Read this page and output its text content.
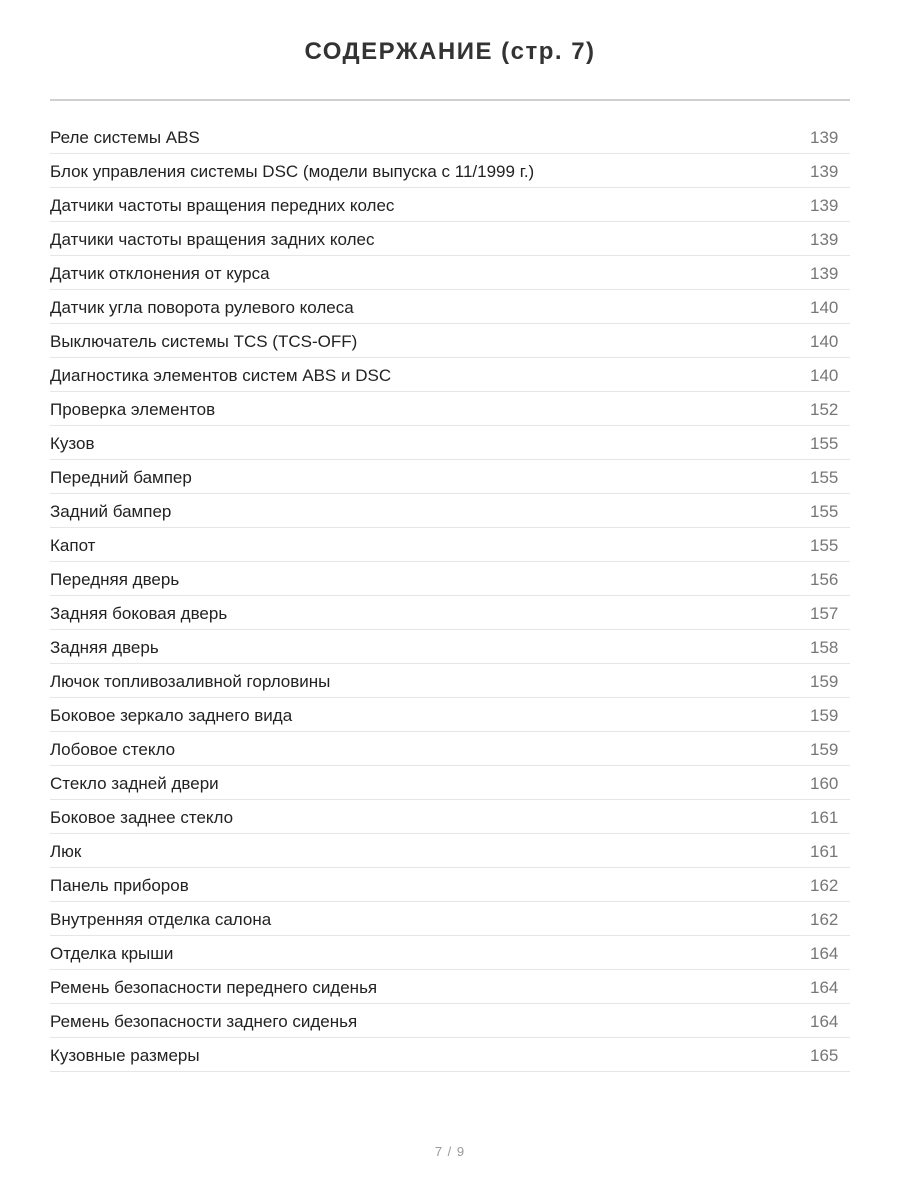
СОДЕРЖАНИЕ (стр. 7)
Реле системы ABS	139
Блок управления системы DSC (модели выпуска с 11/1999 г.)	139
Датчики частоты вращения передних колес	139
Датчики частоты вращения задних колес	139
Датчик отклонения от курса	139
Датчик угла поворота рулевого колеса	140
Выключатель системы TCS (TCS-OFF)	140
Диагностика элементов систем ABS и DSC	140
Проверка элементов	152
Кузов	155
Передний бампер	155
Задний бампер	155
Капот	155
Передняя дверь	156
Задняя боковая дверь	157
Задняя дверь	158
Лючок топливозаливной горловины	159
Боковое зеркало заднего вида	159
Лобовое стекло	159
Стекло задней двери	160
Боковое заднее стекло	161
Люк	161
Панель приборов	162
Внутренняя отделка салона	162
Отделка крыши	164
Ремень безопасности переднего сиденья	164
Ремень безопасности заднего сиденья	164
Кузовные размеры	165
7 / 9
